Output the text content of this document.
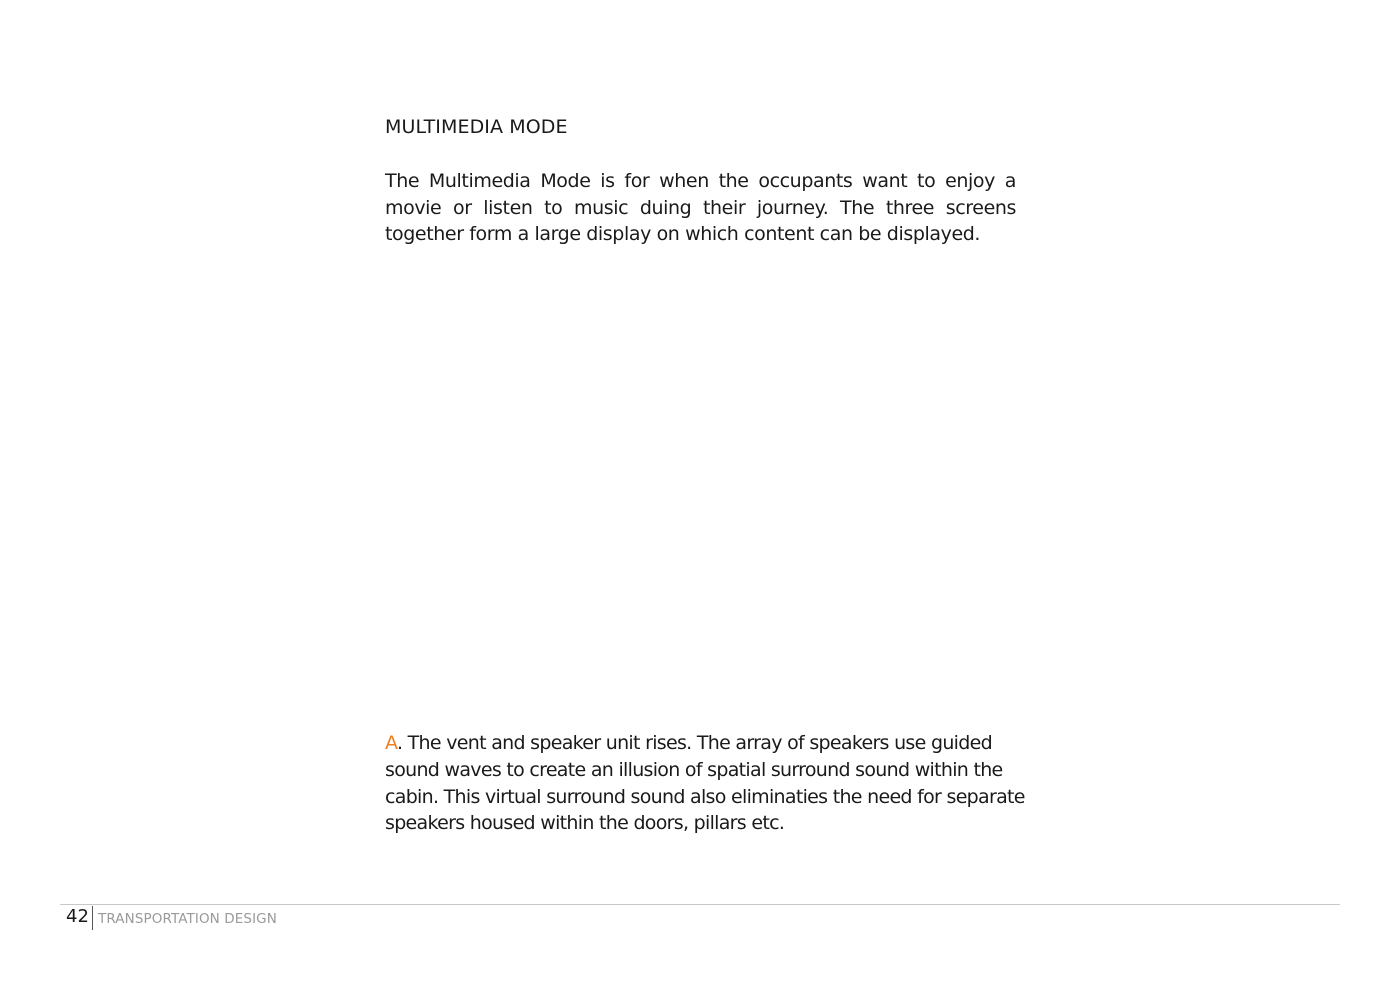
MULTIMEDIA MODE

The Multimedia Mode is for when the occupants want to enjoy a movie or listen to music duing their journey. The three screens together form a large display on which content can be displayed.

A. The vent and speaker unit rises. The array of speakers use guided sound waves to create an illusion of spatial surround sound within the cabin. This virtual surround sound also eliminaties the need for separate speakers housed within the doors, pillars etc.

42 TRANSPORTATION DESIGN
